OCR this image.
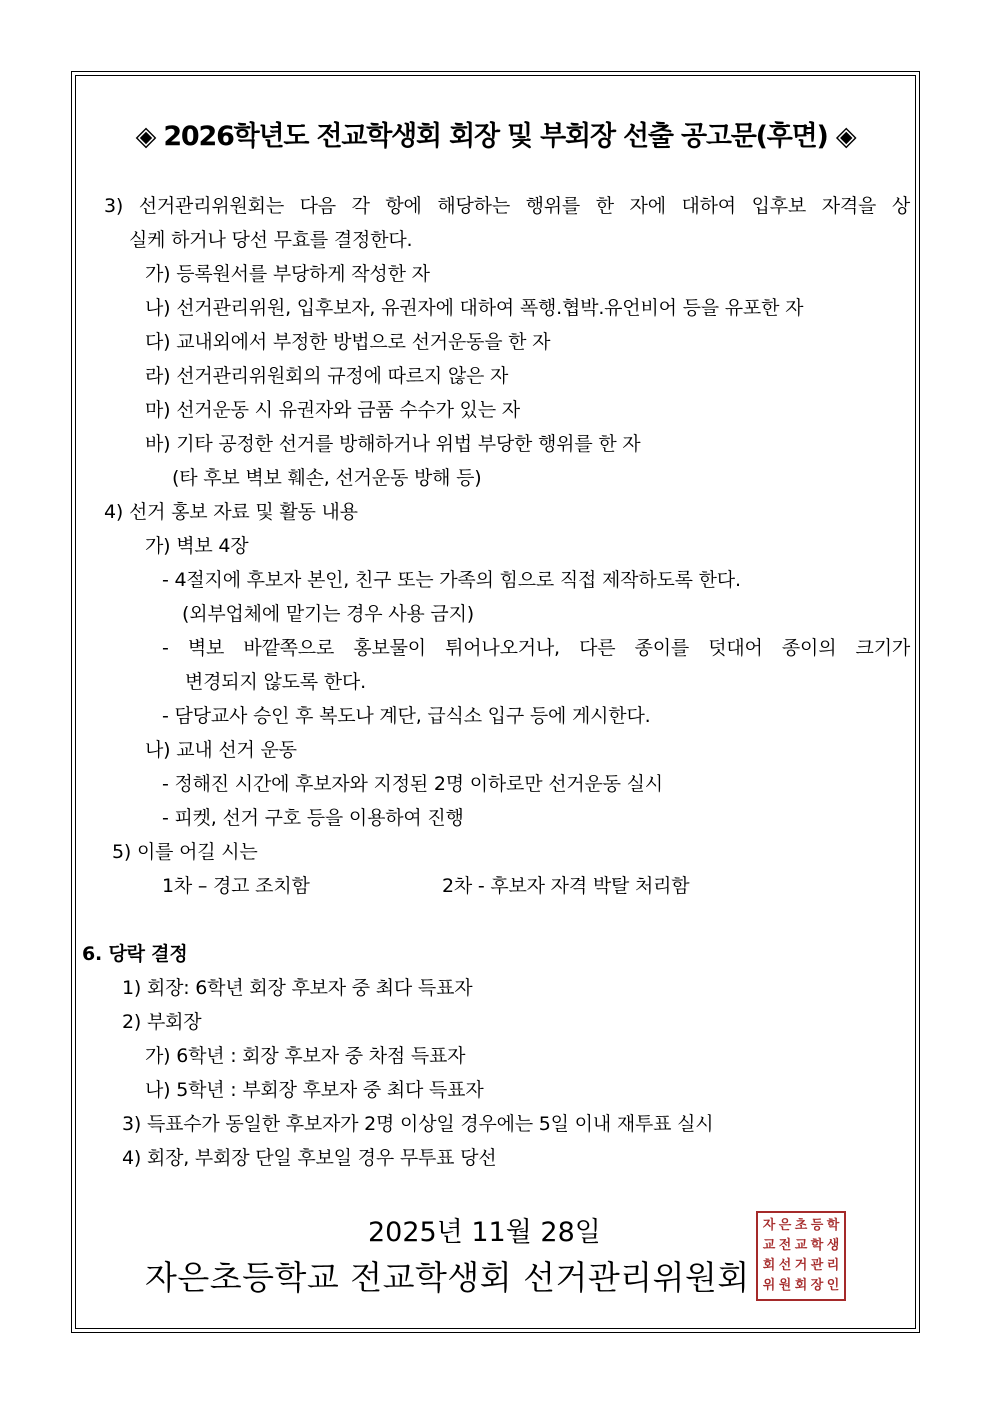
◈ 2026학년도 전교학생회 회장 및 부회장 선출 공고문(후면) ◈
3) 선거관리위원회는 다음 각 항에 해당하는 행위를 한 자에 대하여 입후보 자격을 상
실케 하거나 당선 무효를 결정한다.
가) 등록원서를 부당하게 작성한 자
나) 선거관리위원, 입후보자, 유권자에 대하여 폭행.협박.유언비어 등을 유포한 자
다) 교내외에서 부정한 방법으로 선거운동을 한 자
라) 선거관리위원회의 규정에 따르지 않은 자
마) 선거운동 시 유권자와 금품 수수가 있는 자
바) 기타 공정한 선거를 방해하거나 위법 부당한 행위를 한 자
(타 후보 벽보 훼손, 선거운동 방해 등)
4) 선거 홍보 자료 및 활동 내용
가) 벽보 4장
- 4절지에 후보자 본인, 친구 또는 가족의 힘으로 직접 제작하도록 한다.
(외부업체에 맡기는 경우 사용 금지)
- 벽보 바깥쪽으로 홍보물이 튀어나오거나, 다른 종이를 덧대어 종이의 크기가
변경되지 않도록 한다.
- 담당교사 승인 후 복도나 계단, 급식소 입구 등에 게시한다.
나) 교내 선거 운동
- 정해진 시간에 후보자와 지정된 2명 이하로만 선거운동 실시
- 피켓, 선거 구호 등을 이용하여 진행
5) 이를 어길 시는
1차 – 경고 조치함	2차 - 후보자 자격 박탈 처리함
6. 당락 결정
1) 회장: 6학년 회장 후보자 중 최다 득표자
2) 부회장
가) 6학년 : 회장 후보자 중 차점 득표자
나) 5학년 : 부회장 후보자 중 최다 득표자
3) 득표수가 동일한 후보자가 2명 이상일 경우에는 5일 이내 재투표 실시
4) 회장, 부회장 단일 후보일 경우 무투표 당선
2025년 11월 28일
자은초등학교 전교학생회 선거관리위원회
자 은 초 등 학
교 전 교 학 생
회 선 거 관 리
위 원 회 장 인
